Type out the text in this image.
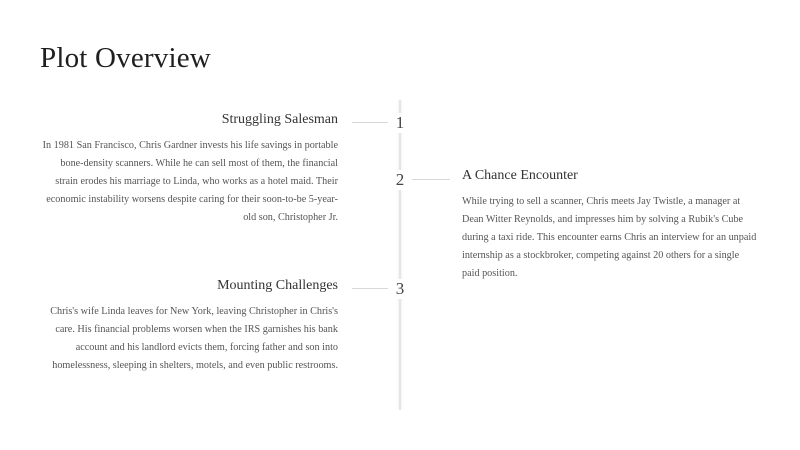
Plot Overview
1
Struggling Salesman

In 1981 San Francisco, Chris Gardner invests his life savings in portable bone-density scanners. While he can sell most of them, the financial strain erodes his marriage to Linda, who works as a hotel maid. Their economic instability worsens despite caring for their soon-to-be 5-year-old son, Christopher Jr.

2	A Chance Encounter

While trying to sell a scanner, Chris meets Jay Twistle, a manager at Dean Witter Reynolds, and impresses him by solving a Rubik's Cube during a taxi ride. This encounter earns Chris an interview for an unpaid internship as a stockbroker, competing against 20 others for a single paid position.

3
Mounting Challenges

Chris's wife Linda leaves for New York, leaving Christopher in Chris's care. His financial problems worsen when the IRS garnishes his bank account and his landlord evicts them, forcing father and son into homelessness, sleeping in shelters, motels, and even public restrooms.
